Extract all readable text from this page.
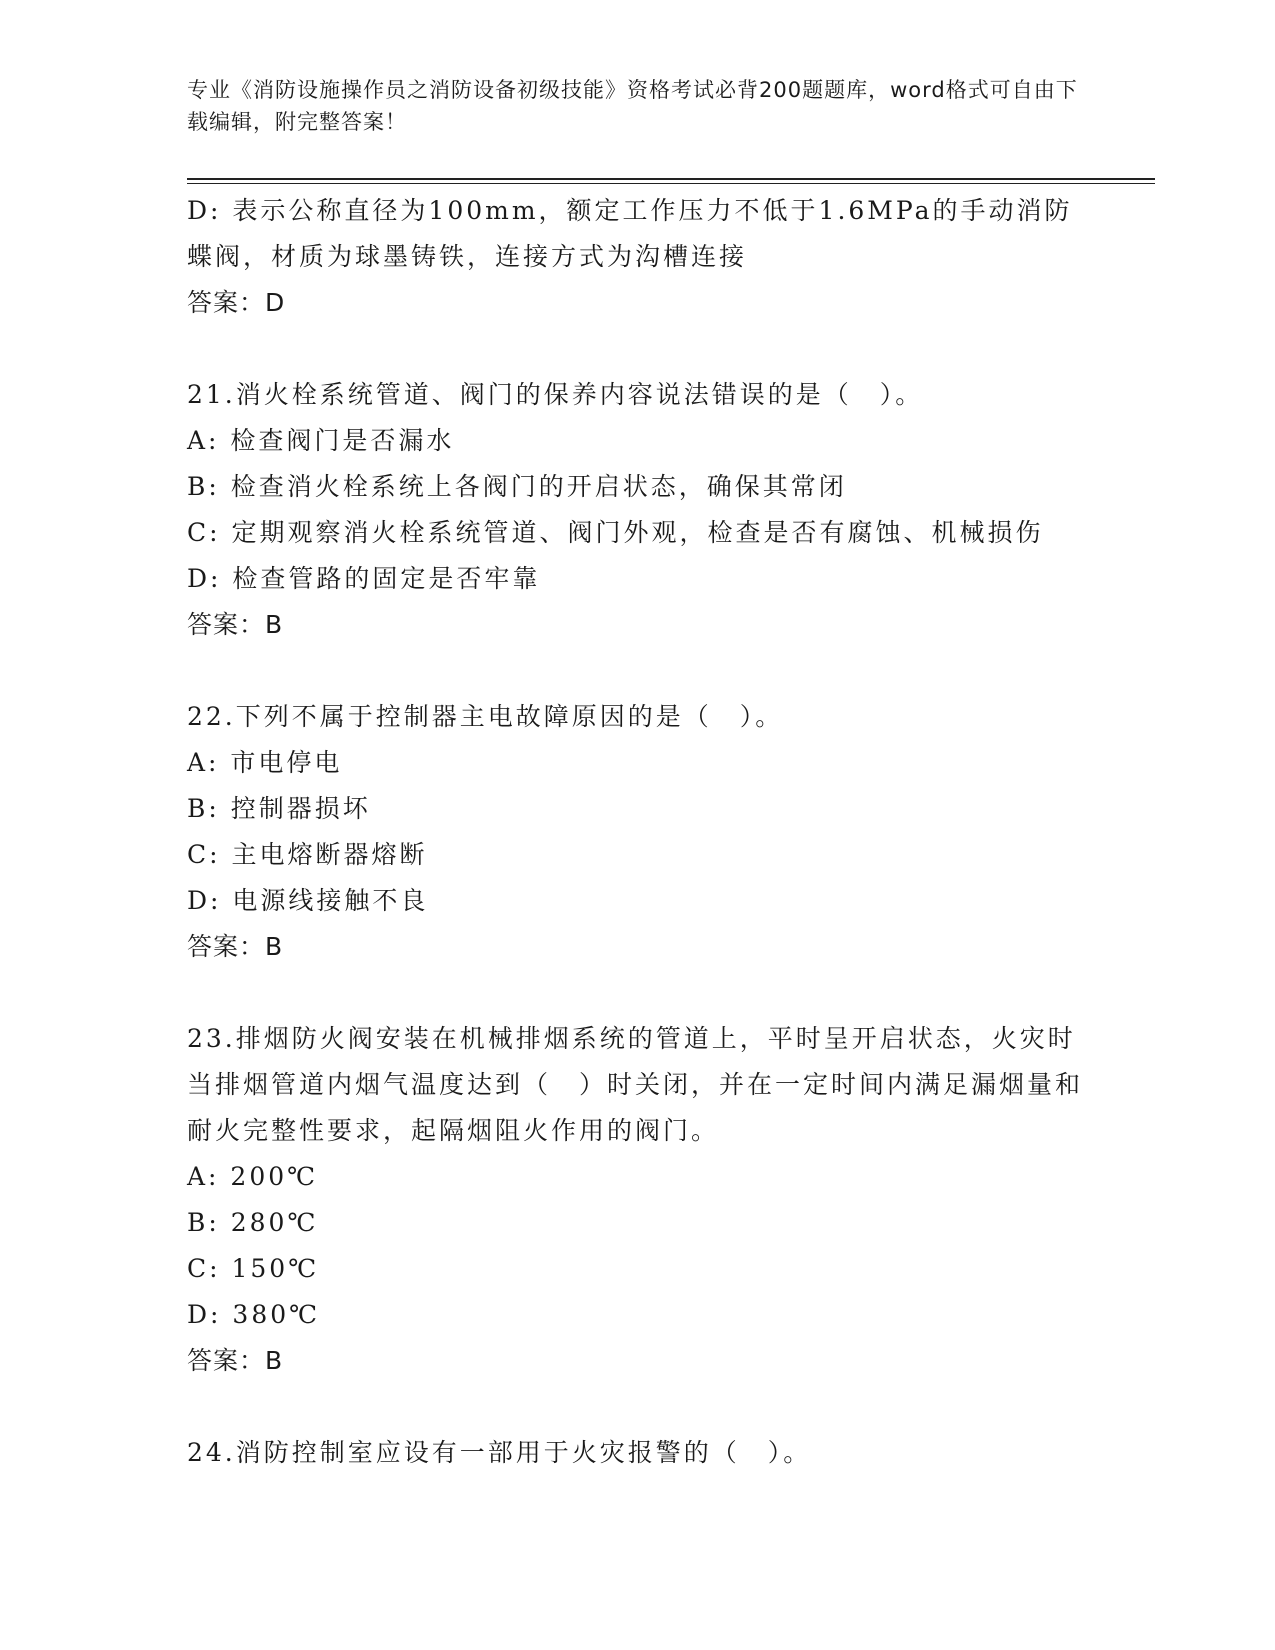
专业《消防设施操作员之消防设备初级技能》资格考试必背200题题库，word格式可自由下载编辑，附完整答案！
D: 表示公称直径为100mm，额定工作压力不低于1.6MPa的手动消防蝶阀，材质为球墨铸铁，连接方式为沟槽连接
答案：D
21.消火栓系统管道、阀门的保养内容说法错误的是（　）。
A: 检查阀门是否漏水
B: 检查消火栓系统上各阀门的开启状态，确保其常闭
C: 定期观察消火栓系统管道、阀门外观，检查是否有腐蚀、机械损伤
D: 检查管路的固定是否牢靠
答案：B
22.下列不属于控制器主电故障原因的是（　）。
A: 市电停电
B: 控制器损坏
C: 主电熔断器熔断
D: 电源线接触不良
答案：B
23.排烟防火阀安装在机械排烟系统的管道上，平时呈开启状态，火灾时当排烟管道内烟气温度达到（　）时关闭，并在一定时间内满足漏烟量和耐火完整性要求，起隔烟阻火作用的阀门。
A: 200℃
B: 280℃
C: 150℃
D: 380℃
答案：B
24.消防控制室应设有一部用于火灾报警的（　）。
